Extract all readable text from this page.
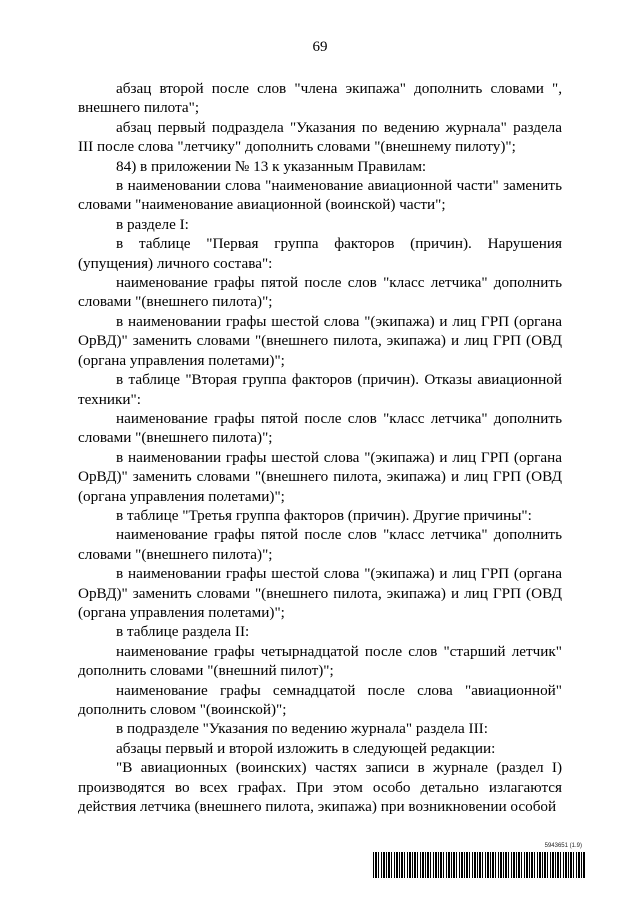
69

абзац второй после слов "члена экипажа" дополнить словами ", внешнего пилота";

абзац первый подраздела "Указания по ведению журнала" раздела III после слова "летчику" дополнить словами "(внешнему пилоту)";

84) в приложении № 13 к указанным Правилам:

в наименовании слова "наименование авиационной части" заменить словами "наименование авиационной (воинской) части";

в разделе I:

в таблице "Первая группа факторов (причин). Нарушения (упущения) личного состава":

наименование графы пятой после слов "класс летчика" дополнить словами "(внешнего пилота)";

в наименовании графы шестой слова "(экипажа) и лиц ГРП (органа ОрВД)" заменить словами "(внешнего пилота, экипажа) и лиц ГРП (ОВД (органа управления полетами)";

в таблице "Вторая группа факторов (причин). Отказы авиационной техники":

наименование графы пятой после слов "класс летчика" дополнить словами "(внешнего пилота)";

в наименовании графы шестой слова "(экипажа) и лиц ГРП (органа ОрВД)" заменить словами "(внешнего пилота, экипажа) и лиц ГРП (ОВД (органа управления полетами)";

в таблице "Третья группа факторов (причин). Другие причины":

наименование графы пятой после слов "класс летчика" дополнить словами "(внешнего пилота)";

в наименовании графы шестой слова "(экипажа) и лиц ГРП (органа ОрВД)" заменить словами "(внешнего пилота, экипажа) и лиц ГРП (ОВД (органа управления полетами)";

в таблице раздела II:

наименование графы четырнадцатой после слов "старший летчик" дополнить словами "(внешний пилот)";

наименование графы семнадцатой после слова "авиационной" дополнить словом "(воинской)";

в подразделе "Указания по ведению журнала" раздела III:

абзацы первый и второй изложить в следующей редакции:

"В авиационных (воинских) частях записи в журнале (раздел I) производятся во всех графах. При этом особо детально излагаются действия летчика (внешнего пилота, экипажа) при возникновении особой

5943651 (1.9)
